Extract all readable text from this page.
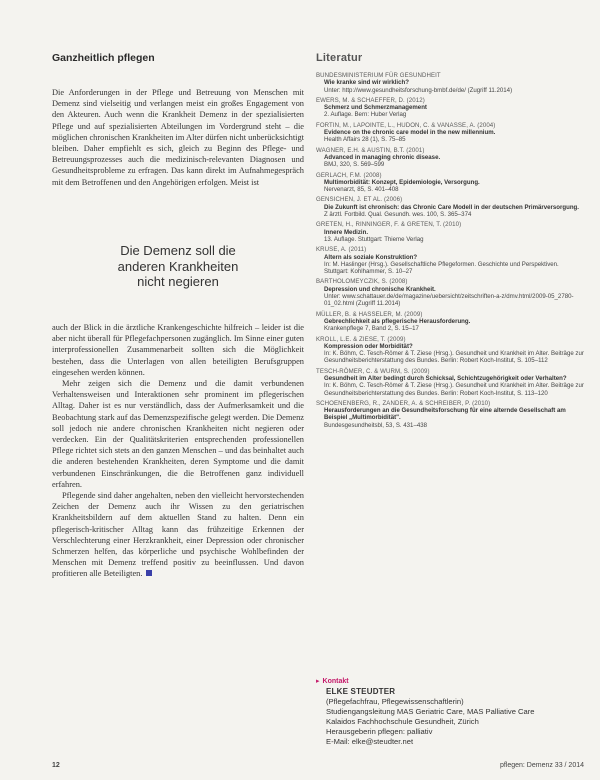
Ganzheitlich pflegen

Die Anforderungen in der Pflege und Betreuung von Menschen mit Demenz sind vielseitig und verlangen meist ein großes Engagement von den Akteuren. Auch wenn die Krankheit Demenz in der spezialisierten Pflege und auf spezialisierten Abteilungen im Vordergrund steht – die möglichen chronischen Krankheiten im Alter dürfen nicht unberücksichtigt bleiben. Daher empfiehlt es sich, gleich zu Beginn des Pflege- und Betreuungsprozesses auch die medizinisch-relevanten Diagnosen und Gesundheitsprobleme zu erfragen. Das kann direkt im Aufnahmegespräch mit dem Betroffenen und den Angehörigen erfolgen. Meist ist

Die Demenz soll die
anderen Krankheiten
nicht negieren

auch der Blick in die ärztliche Krankengeschichte hilfreich – leider ist die aber nicht überall für Pflegefachpersonen zugänglich. Im Sinne einer guten interprofessionellen Zusammenarbeit sollten sich die Möglichkeit bestehen, dass die Unterlagen von allen beteiligten Berufsgruppen eingesehen werden können.

Mehr zeigen sich die Demenz und die damit verbundenen Verhaltensweisen und Interaktionen sehr prominent im pflegerischen Alltag. Daher ist es nur verständlich, dass der Aufmerksamkeit und die Beobachtung stark auf das Demenzspezifische gelegt werden. Die Demenz soll jedoch nie andere chronischen Krankheiten nicht negieren oder verdecken. Ein der Qualitätskriterien entsprechenden professionellen Pflege richtet sich stets an den ganzen Menschen – und das beinhaltet auch die anderen bestehenden Krankheiten, deren Symptome und die damit verbundenen Einschränkungen, die die Betroffenen ganz individuell erfahren.

Pflegende sind daher angehalten, neben den vielleicht hervorstechenden Zeichen der Demenz auch ihr Wissen zu den geriatrischen Krankheitsbildern auf dem aktuellen Stand zu halten. Denn ein pflegerisch-kritischer Alltag kann das frühzeitige Erkennen der Verschlechterung einer Herzkrankheit, einer Depression oder chronischer Schmerzen helfen, das körperliche und psychische Wohlbefinden der Menschen mit Demenz treffend positiv zu beeinflussen. Und davon profitieren alle Beteiligten.

Literatur
BUNDESMINISTERIUM FÜR GESUNDHEIT
Wie kranke sind wir wirklich?
Unter: http://www.gesundheitsforschung-bmbf.de/de/ (Zugriff 11.2014)
EWERS, M. & SCHAEFFER, D. (2012)
Schmerz und Schmerzmanagement
2. Auflage. Bern: Huber Verlag
FORTIN, M., LAPOINTE, L., HUDON, C. & VANASSE, A. (2004)
Evidence on the chronic care model in the new millennium.
Health Affairs 28 (1), S. 75–85
WAGNER, E.H. & AUSTIN, B.T. (2001)
Advanced in managing chronic disease.
BMJ, 320, S. 569–599
GERLACH, F.M. (2008)
Multimorbidität: Konzept, Epidemiologie, Versorgung.
Nervenarzt, 85, S. 401–408
GENSICHEN, J. ET AL. (2006)
Die Zukunft ist chronisch: das Chronic Care Modell in der deutschen Primärversorgung.
Z ärztl. Fortbild. Qual. Gesundh. wes. 100, S. 365–374
GRETEN, H., RINNINGER, F. & GRETEN, T. (2010)
Innere Medizin.
13. Auflage. Stuttgart: Thieme Verlag
KRUSE, A. (2011)
Altern als soziale Konstruktion?
In: M. Haslinger (Hrsg.). Gesellschaftliche Pflegeformen. Geschichte und Perspektiven. Stuttgart: Kohlhammer, S. 10–27
BARTHOLOMEYCZIK, S. (2008)
Depression und chronische Krankheit.
Unter: www.schattauer.de/de/magazine/uebersicht/zeitschriften-a-z/dmv.html/2009-05_2780-01_02.html (Zugriff 11.2014)
MÜLLER, B. & HASSELER, M. (2009)
Gebrechlichkeit als pflegerische Herausforderung.
Krankenpflege 7, Band 2, S. 15–17
KROLL, L.E. & ZIESE, T. (2009)
Kompression oder Morbidität?
In: K. Böhm, C. Tesch-Römer & T. Ziese (Hrsg.). Gesundheit und Krankheit im Alter. Beiträge zur Gesundheitsberichterstattung des Bundes. Berlin: Robert Koch-Institut, S. 105–112
TESCH-RÖMER, C. & WURM, S. (2009)
Gesundheit im Alter bedingt durch Schicksal, Schichtzugehörigkeit oder Verhalten?
In: K. Böhm, C. Tesch-Römer & T. Ziese (Hrsg.). Gesundheit und Krankheit im Alter. Beiträge zur Gesundheitsberichterstattung des Bundes. Berlin: Robert Koch-Institut, S. 113–120
SCHOENENBERG, R., ZANDER, A. & SCHREIBER, P. (2010)
Herausforderungen an die Gesundheitsforschung für eine alternde Gesellschaft am Beispiel „Multimorbidität".
Bundesgesundheitsbl, 53, S. 431–438
▸ Kontakt
ELKE STEUDTER
(Pflegefachfrau, Pflegewissenschaftlerin)
Studiengangsleitung MAS Geriatric Care, MAS Palliative Care
Kalaidos Fachhochschule Gesundheit, Zürich
Herausgeberin pflegen: palliativ
E-Mail: elke@steudter.net
12	pflegen: Demenz 33 / 2014
